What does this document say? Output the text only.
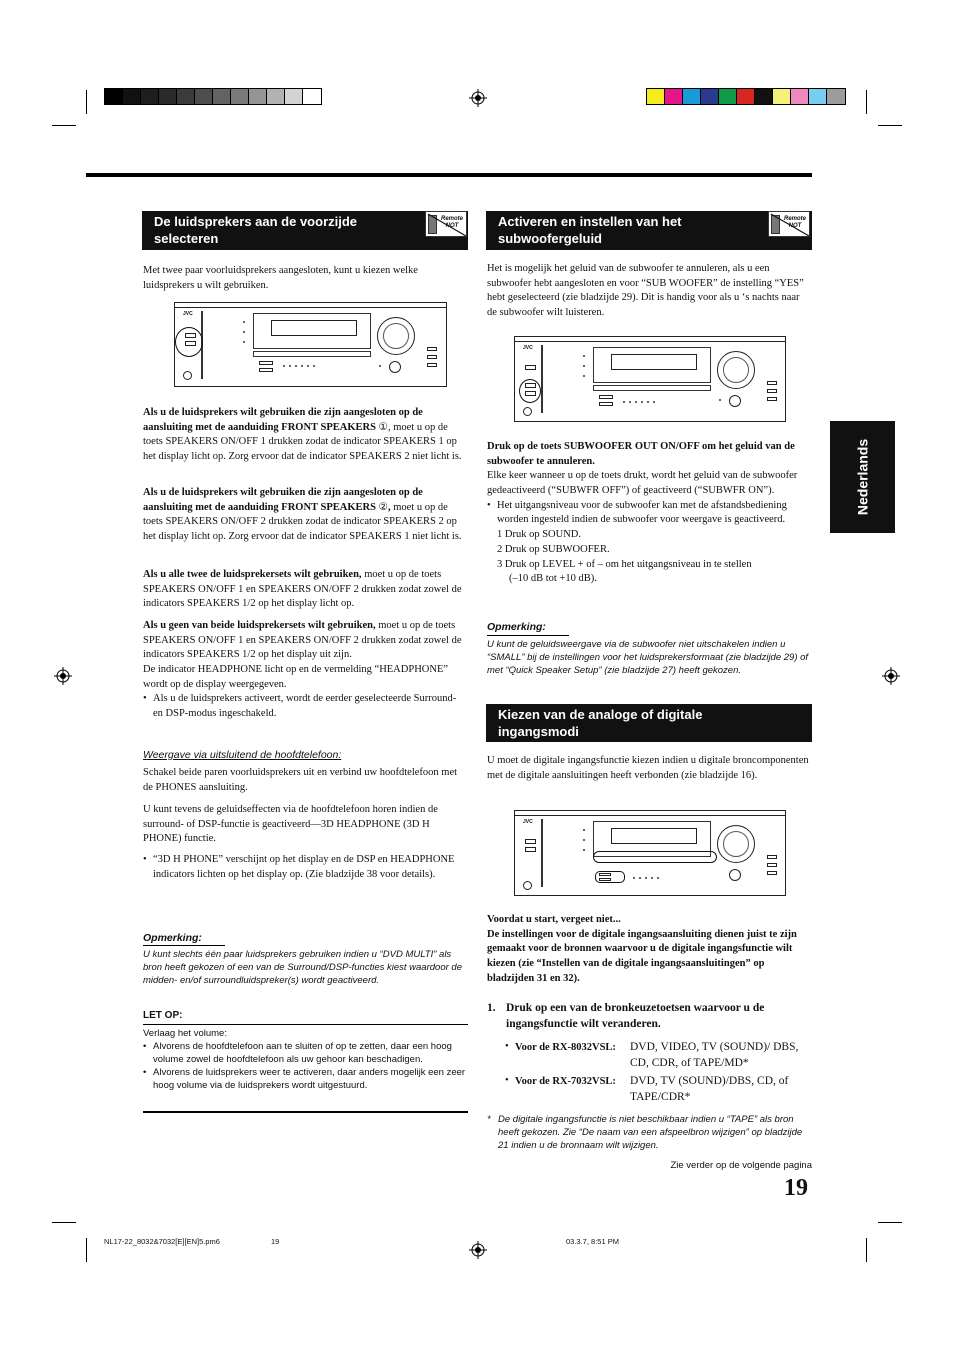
Nederlands
De luidsprekers aan de voorzijde
selecteren
Remote NOT
Met twee paar voorluidsprekers aangesloten, kunt u kiezen welke luidsprekers u wilt gebruiken.
JVC
Als u de luidsprekers wilt gebruiken die zijn aangesloten op de aansluiting met de aanduiding FRONT SPEAKERS ①, moet u op de toets SPEAKERS ON/OFF 1 drukken zodat de indicator SPEAKERS 1 op het display licht op. Zorg ervoor dat de indicator SPEAKERS 2 niet licht is.
Als u de luidsprekers wilt gebruiken die zijn aangesloten op de aansluiting met de aanduiding FRONT SPEAKERS ②, moet u op de toets SPEAKERS ON/OFF 2 drukken zodat de indicator SPEAKERS 2 op het display licht op. Zorg ervoor dat de indicator SPEAKERS 1 niet licht is.
Als u alle twee de luidsprekersets wilt gebruiken, moet u op de toets SPEAKERS ON/OFF 1 en SPEAKERS ON/OFF 2 drukken zodat zowel de indicators SPEAKERS 1/2 op het display licht op.
Als u geen van beide luidsprekersets wilt gebruiken, moet u op de toets SPEAKERS ON/OFF 1 en SPEAKERS ON/OFF 2 drukken zodat zowel de indicators SPEAKERS 1/2 op het display uit zijn.
De indicator HEADPHONE licht op en de vermelding “HEADPHONE” wordt op de display weergegeven.
• Als u de luidsprekers activeert, wordt de eerder geselecteerde Surround- en DSP-modus ingeschakeld.
Weergave via uitsluitend de hoofdtelefoon:
Schakel beide paren voorluidsprekers uit en verbind uw hoofdtelefoon met de PHONES aansluiting.
U kunt tevens de geluidseffecten via de hoofdtelefoon horen indien de surround- of DSP-functie is geactiveerd—3D HEADPHONE (3D H PHONE) functie.
• “3D H PHONE” verschijnt op het display en de DSP en HEADPHONE indicators lichten op het display op. (Zie bladzijde 38 voor details).
Opmerking:
U kunt slechts één paar luidsprekers gebruiken indien u “DVD MULTI” als bron heeft gekozen of een van de Surround/DSP-functies kiest waardoor de midden- en/of surroundluidspreker(s) wordt geactiveerd.
LET OP:
Verlaag het volume:
• Alvorens de hoofdtelefoon aan te sluiten of op te zetten, daar een hoog volume zowel de hoofdtelefoon als uw gehoor kan beschadigen.
• Alvorens de luidsprekers weer te activeren, daar anders mogelijk een zeer hoog volume via de luidsprekers wordt uitgestuurd.
Activeren en instellen van het
subwoofergeluid
Remote NOT
Het is mogelijk het geluid van de subwoofer te annuleren, als u een subwoofer hebt aangesloten en voor “SUB WOOFER” de instelling “YES” hebt geselecteerd (zie bladzijde 29). Dit is handig voor als u ‘s nachts naar de subwoofer wilt luisteren.
JVC
Druk op de toets SUBWOOFER OUT ON/OFF om het geluid van de subwoofer te annuleren.
Elke keer wanneer u op de toets drukt, wordt het geluid van de subwoofer gedeactiveerd (“SUBWFR OFF”) of geactiveerd (“SUBWFR ON”).
• Het uitgangsniveau voor de subwoofer kan met de afstandsbediening worden ingesteld indien de subwoofer voor weergave is geactiveerd.
1 Druk op SOUND.
2 Druk op SUBWOOFER.
3 Druk op LEVEL + of – om het uitgangsniveau in te stellen
(–10 dB tot +10 dB).
Opmerking:
U kunt de geluidsweergave via de subwoofer niet uitschakelen indien u “SMALL” bij de instellingen voor het luidsprekersformaat (zie bladzijde 29) of met “Quick Speaker Setup” (zie bladzijde 27) heeft gekozen.
Kiezen van de analoge of digitale
ingangsmodi
U moet de digitale ingangsfunctie kiezen indien u digitale broncomponenten met de digitale aansluitingen heeft verbonden (zie bladzijde 16).
JVC
Voordat u start, vergeet niet...
De instellingen voor de digitale ingangsaansluiting dienen juist te zijn gemaakt voor de bronnen waarvoor u de digitale ingangsfunctie wilt kiezen (zie “Instellen van de digitale ingangsaansluitingen” op bladzijden 31 en 32).
1. Druk op een van de bronkeuzetoetsen waarvoor u de ingangsfunctie wilt veranderen.
• Voor de RX-8032VSL:	DVD, VIDEO, TV (SOUND)/ DBS, CD, CDR, of TAPE/MD*
• Voor de RX-7032VSL:	DVD, TV (SOUND)/DBS, CD, of TAPE/CDR*
* De digitale ingangsfunctie is niet beschikbaar indien u “TAPE” als bron heeft gekozen. Zie “De naam van een afspeelbron wijzigen” op bladzijde 21 indien u de bronnaam wilt wijzigen.
Zie verder op de volgende pagina
19
NL17-22_8032&7032[E][EN]5.pm6	19	03.3.7, 8:51 PM
